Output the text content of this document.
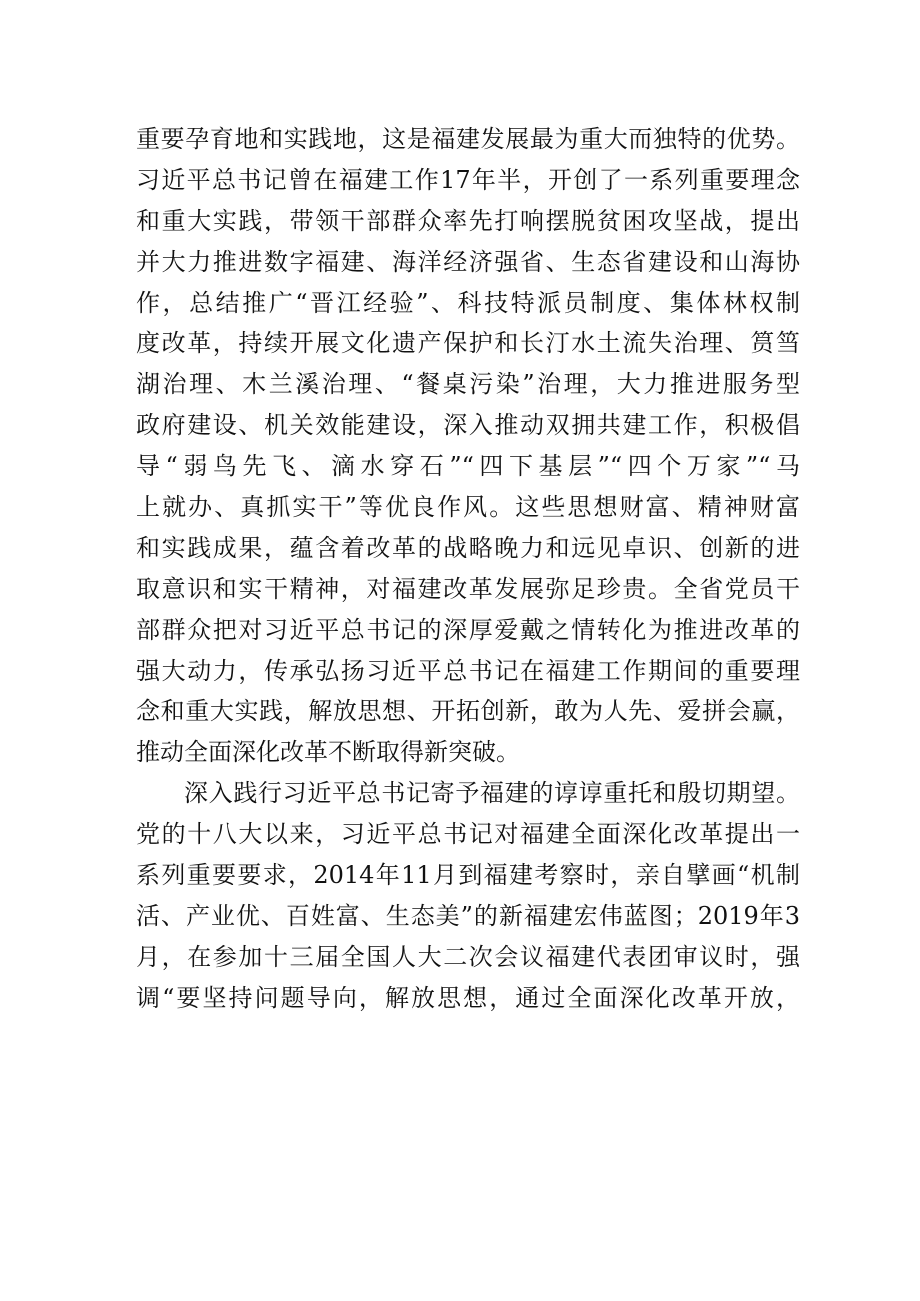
重要孕育地和实践地，这是福建发展最为重大而独特的优势。
习近平总书记曾在福建工作17年半，开创了一系列重要理念
和重大实践，带领干部群众率先打响摆脱贫困攻坚战，提出
并大力推进数字福建、海洋经济强省、生态省建设和山海协
作，总结推广“晋江经验”、科技特派员制度、集体林权制
度改革，持续开展文化遗产保护和长汀水土流失治理、筼筜
湖治理、木兰溪治理、“餐桌污染”治理，大力推进服务型
政府建设、机关效能建设，深入推动双拥共建工作，积极倡
导“弱鸟先飞、滴水穿石”“四下基层”“四个万家”“马
上就办、真抓实干”等优良作风。这些思想财富、精神财富
和实践成果，蕴含着改革的战略晚力和远见卓识、创新的进
取意识和实干精神，对福建改革发展弥足珍贵。全省党员干
部群众把对习近平总书记的深厚爱戴之情转化为推进改革的
强大动力，传承弘扬习近平总书记在福建工作期间的重要理
念和重大实践，解放思想、开拓创新，敢为人先、爱拼会赢，
推动全面深化改革不断取得新突破。
深入践行习近平总书记寄予福建的谆谆重托和殷切期望。
党的十八大以来，习近平总书记对福建全面深化改革提出一
系列重要要求，2014年11月到福建考察时，亲自擘画“机制
活、产业优、百姓富、生态美”的新福建宏伟蓝图；2019年3
月，在参加十三届全国人大二次会议福建代表团审议时，强
调“要坚持问题导向，解放思想，通过全面深化改革开放，
